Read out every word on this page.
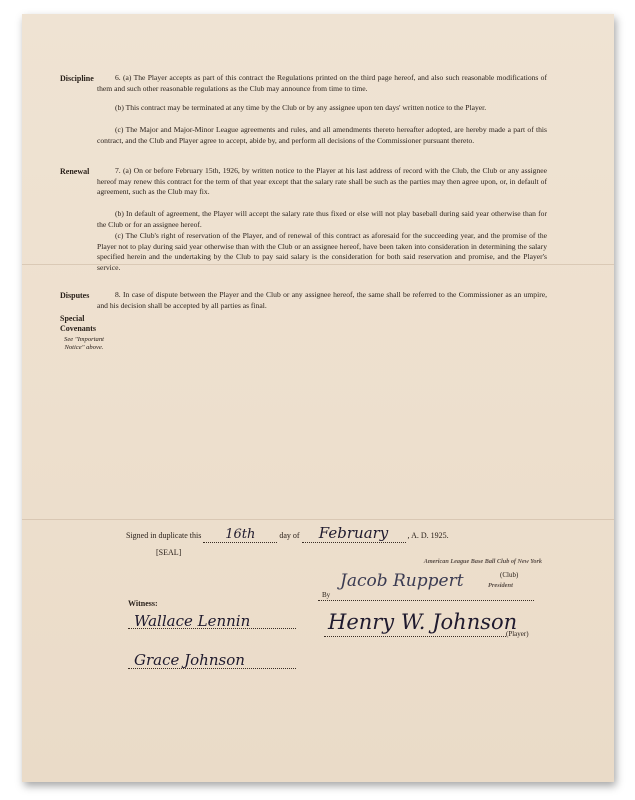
Discipline	6. (a) The Player accepts as part of this contract the Regulations printed on the third page hereof, and also such reasonable modifications of them and such other reasonable regulations as the Club may announce from time to time.
(b) This contract may be terminated at any time by the Club or by any assignee upon ten days' written notice to the Player.
(c) The Major and Major-Minor League agreements and rules, and all amendments thereto hereafter adopted, are hereby made a part of this contract, and the Club and Player agree to accept, abide by, and perform all decisions of the Commissioner pursuant thereto.
Renewal	7. (a) On or before February 15th, 1926, by written notice to the Player at his last address of record with the Club, the Club or any assignee hereof may renew this contract for the term of that year except that the salary rate shall be such as the parties may then agree upon, or, in default of agreement, such as the Club may fix.
(b) In default of agreement, the Player will accept the salary rate thus fixed or else will not play baseball during said year otherwise than for the Club or for an assignee hereof.
(c) The Club's right of reservation of the Player, and of renewal of this contract as aforesaid for the succeeding year, and the promise of the Player not to play during said year otherwise than with the Club or an assignee hereof, have been taken into consideration in determining the salary specified herein and the undertaking by the Club to pay said salary is the consideration for both said reservation and promise, and the Player's service.
Disputes	8. In case of dispute between the Player and the Club or any assignee hereof, the same shall be referred to the Commissioner as an umpire, and his decision shall be accepted by all parties as final.
Special Covenants
See "Important Notice" above.
Signed in duplicate this 16th	day of February , A. D. 1925.
[SEAL]
American League Base Ball Club of New York
(Club)
By
Jacob Ruppert	President
Witness:
Wallace Lennin	Henry W. Johnson
(Player)
Grace Johnson
